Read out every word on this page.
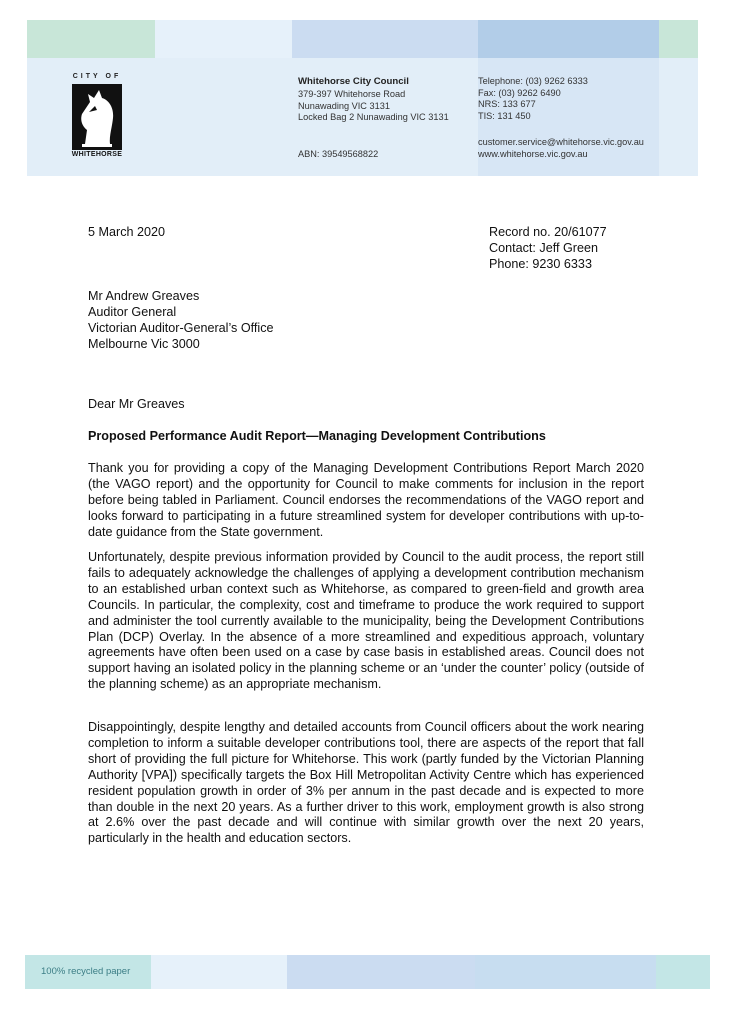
CITY OF
WHITEHORSE
Whitehorse City Council
379-397 Whitehorse Road
Nunawading VIC 3131
Locked Bag 2 Nunawading VIC 3131
ABN: 39549568822
Telephone: (03) 9262 6333
Fax: (03) 9262 6490
NRS: 133 677
TIS: 131 450
customer.service@whitehorse.vic.gov.au
www.whitehorse.vic.gov.au
5 March 2020	Record no. 20/61077
Contact: Jeff Green
Phone: 9230 6333
Mr Andrew Greaves
Auditor General
Victorian Auditor-General’s Office
Melbourne Vic 3000
Dear Mr Greaves
Proposed Performance Audit Report—Managing Development Contributions

Thank you for providing a copy of the Managing Development Contributions Report March 2020 (the VAGO report) and the opportunity for Council to make comments for inclusion in the report before being tabled in Parliament. Council endorses the recommendations of the VAGO report and looks forward to participating in a future streamlined system for developer contributions with up-to-date guidance from the State government.

Unfortunately, despite previous information provided by Council to the audit process, the report still fails to adequately acknowledge the challenges of applying a development contribution mechanism to an established urban context such as Whitehorse, as compared to green-field and growth area Councils. In particular, the complexity, cost and timeframe to produce the work required to support and administer the tool currently available to the municipality, being the Development Contributions Plan (DCP) Overlay. In the absence of a more streamlined and expeditious approach, voluntary agreements have often been used on a case by case basis in established areas. Council does not support having an isolated policy in the planning scheme or an ‘under the counter’ policy (outside of the planning scheme) as an appropriate mechanism.

Disappointingly, despite lengthy and detailed accounts from Council officers about the work nearing completion to inform a suitable developer contributions tool, there are aspects of the report that fall short of providing the full picture for Whitehorse. This work (partly funded by the Victorian Planning Authority [VPA]) specifically targets the Box Hill Metropolitan Activity Centre which has experienced resident population growth in order of 3% per annum in the past decade and is expected to more than double in the next 20 years. As a further driver to this work, employment growth is also strong at 2.6% over the past decade and will continue with similar growth over the next 20 years, particularly in the health and education sectors.

100% recycled paper
